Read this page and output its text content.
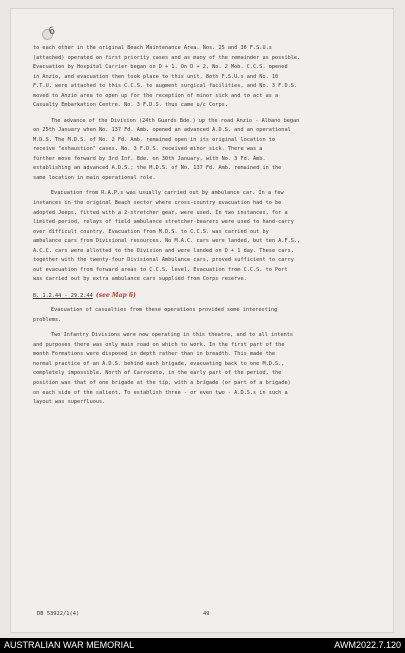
6
to each other in the original Beach Maintenance Area. Nos. 25 and 36 F.S.U.s
(attached) operated on first priority cases and as many of the remainder as possible.
Evacuation by Hospital Carrier began on D + 1. On D + 2, No. 2 Mob. C.C.S. opened
in Anzio, and evacuation then took place to this unit. Both F.S.U.s and No. 10
F.T.U. were attached to this C.C.S. to augment surgical facilities, and No. 3 F.D.S.
moved to Anzio area to open up for the reception of minor sick and to act as a
Casualty Embarkation Centre. No. 3 F.D.S. thus came u/c Corps.
The advance of the Division (24th Guards Bde.) up the road Anzio - Albano began
on 25th January when No. 137 Fd. Amb. opened an advanced A.D.S. and an operational
M.D.S. The M.D.S. of No. 2 Fd. Amb. remained open in its original location to
receive "exhaustion" cases. No. 3 F.D.S. received minor sick. There was a
further move forward by 3rd Inf. Bde. on 30th January, with No. 3 Fd. Amb.
establishing an advanced A.D.S.; the M.D.S. of No. 137 Fd. Amb. remained in the
same location in main operational role.
Evacuation from R.A.P.s was usually carried out by ambulance car. In a few
instances in the original Beach sector where cross-country evacuation had to be
adopted Jeeps, fitted with a 2-stretcher gear, were used. In two instances, for a
limited period, relays of field ambulance stretcher-bearers were used to hand-carry
over difficult country. Evacuation from M.D.S. to C.C.S. was carried out by
ambulance cars from Divisional resources. No M.A.C. cars were landed, but ten A.F.S.,
A.C.C. cars were allotted to the Division and were landed on D + 1 day. These cars,
together with the twenty-four Divisional Ambulance cars, proved sufficient to carry
out evacuation from forward areas to C.C.S. level. Evacuation from C.C.S. to Port
was carried out by extra ambulance cars supplied from Corps reserve.
B. 1.2.44 - 29.2.44 (see Map 6)
Evacuation of casualties from these operations provided some interesting
problems.
Two Infantry Divisions were now operating in this theatre, and to all intents
and purposes there was only main road on which to work. In the first part of the
month Formations were disposed in depth rather than in breadth. This made the
normal practice of an A.D.S. behind each brigade, evacuating back to one M.D.S.,
completely impossible. North of Carroceto, in the early part of the period, the
position was that of one brigade at the tip, with a brigade (or part of a brigade)
on each side of the salient. To establish three - or even two - A.D.S.s in such a
layout was superfluous.
DB 53922/1(4)	49
AUSTRALIAN WAR MEMORIAL	AWM2022.7.120
